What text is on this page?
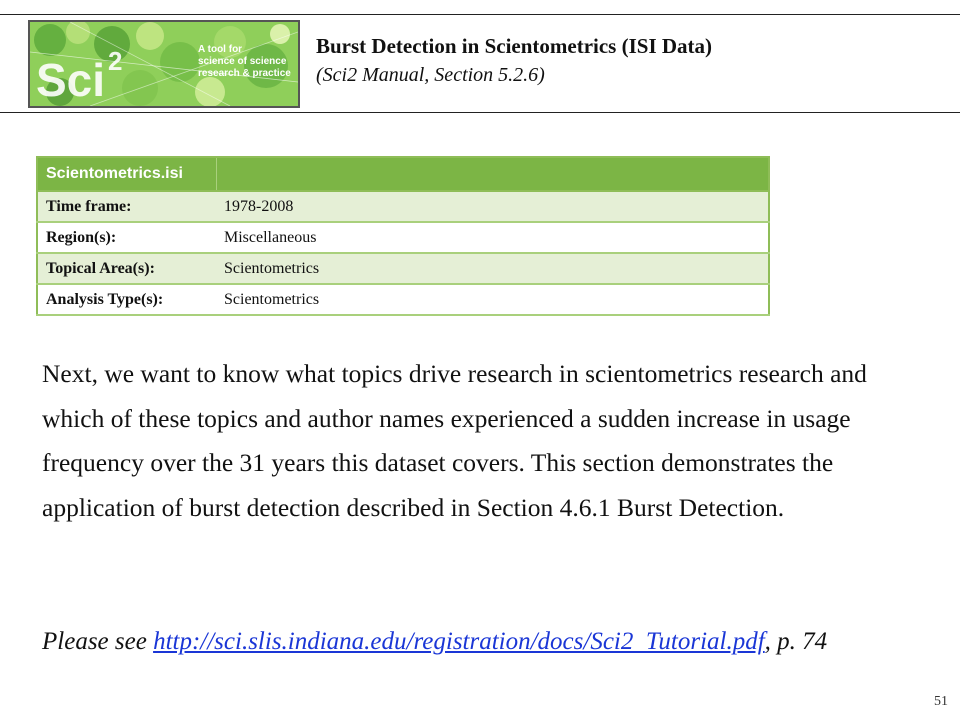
Sci 2	A tool for
science of science
research & practice
Burst Detection in Scientometrics (ISI Data)
(Sci2 Manual, Section 5.2.6)
Scientometrics.isi	
Time frame:	1978-2008
Region(s):	Miscellaneous
Topical Area(s):	Scientometrics
Analysis Type(s):	Scientometrics
Next, we want to know what topics drive research in scientometrics research and which of these topics and author names experienced a sudden increase in usage frequency over the 31 years this dataset covers. This section demonstrates the application of burst detection described in Section 4.6.1 Burst Detection.
Please see http://sci.slis.indiana.edu/registration/docs/Sci2_Tutorial.pdf, p. 74
51
